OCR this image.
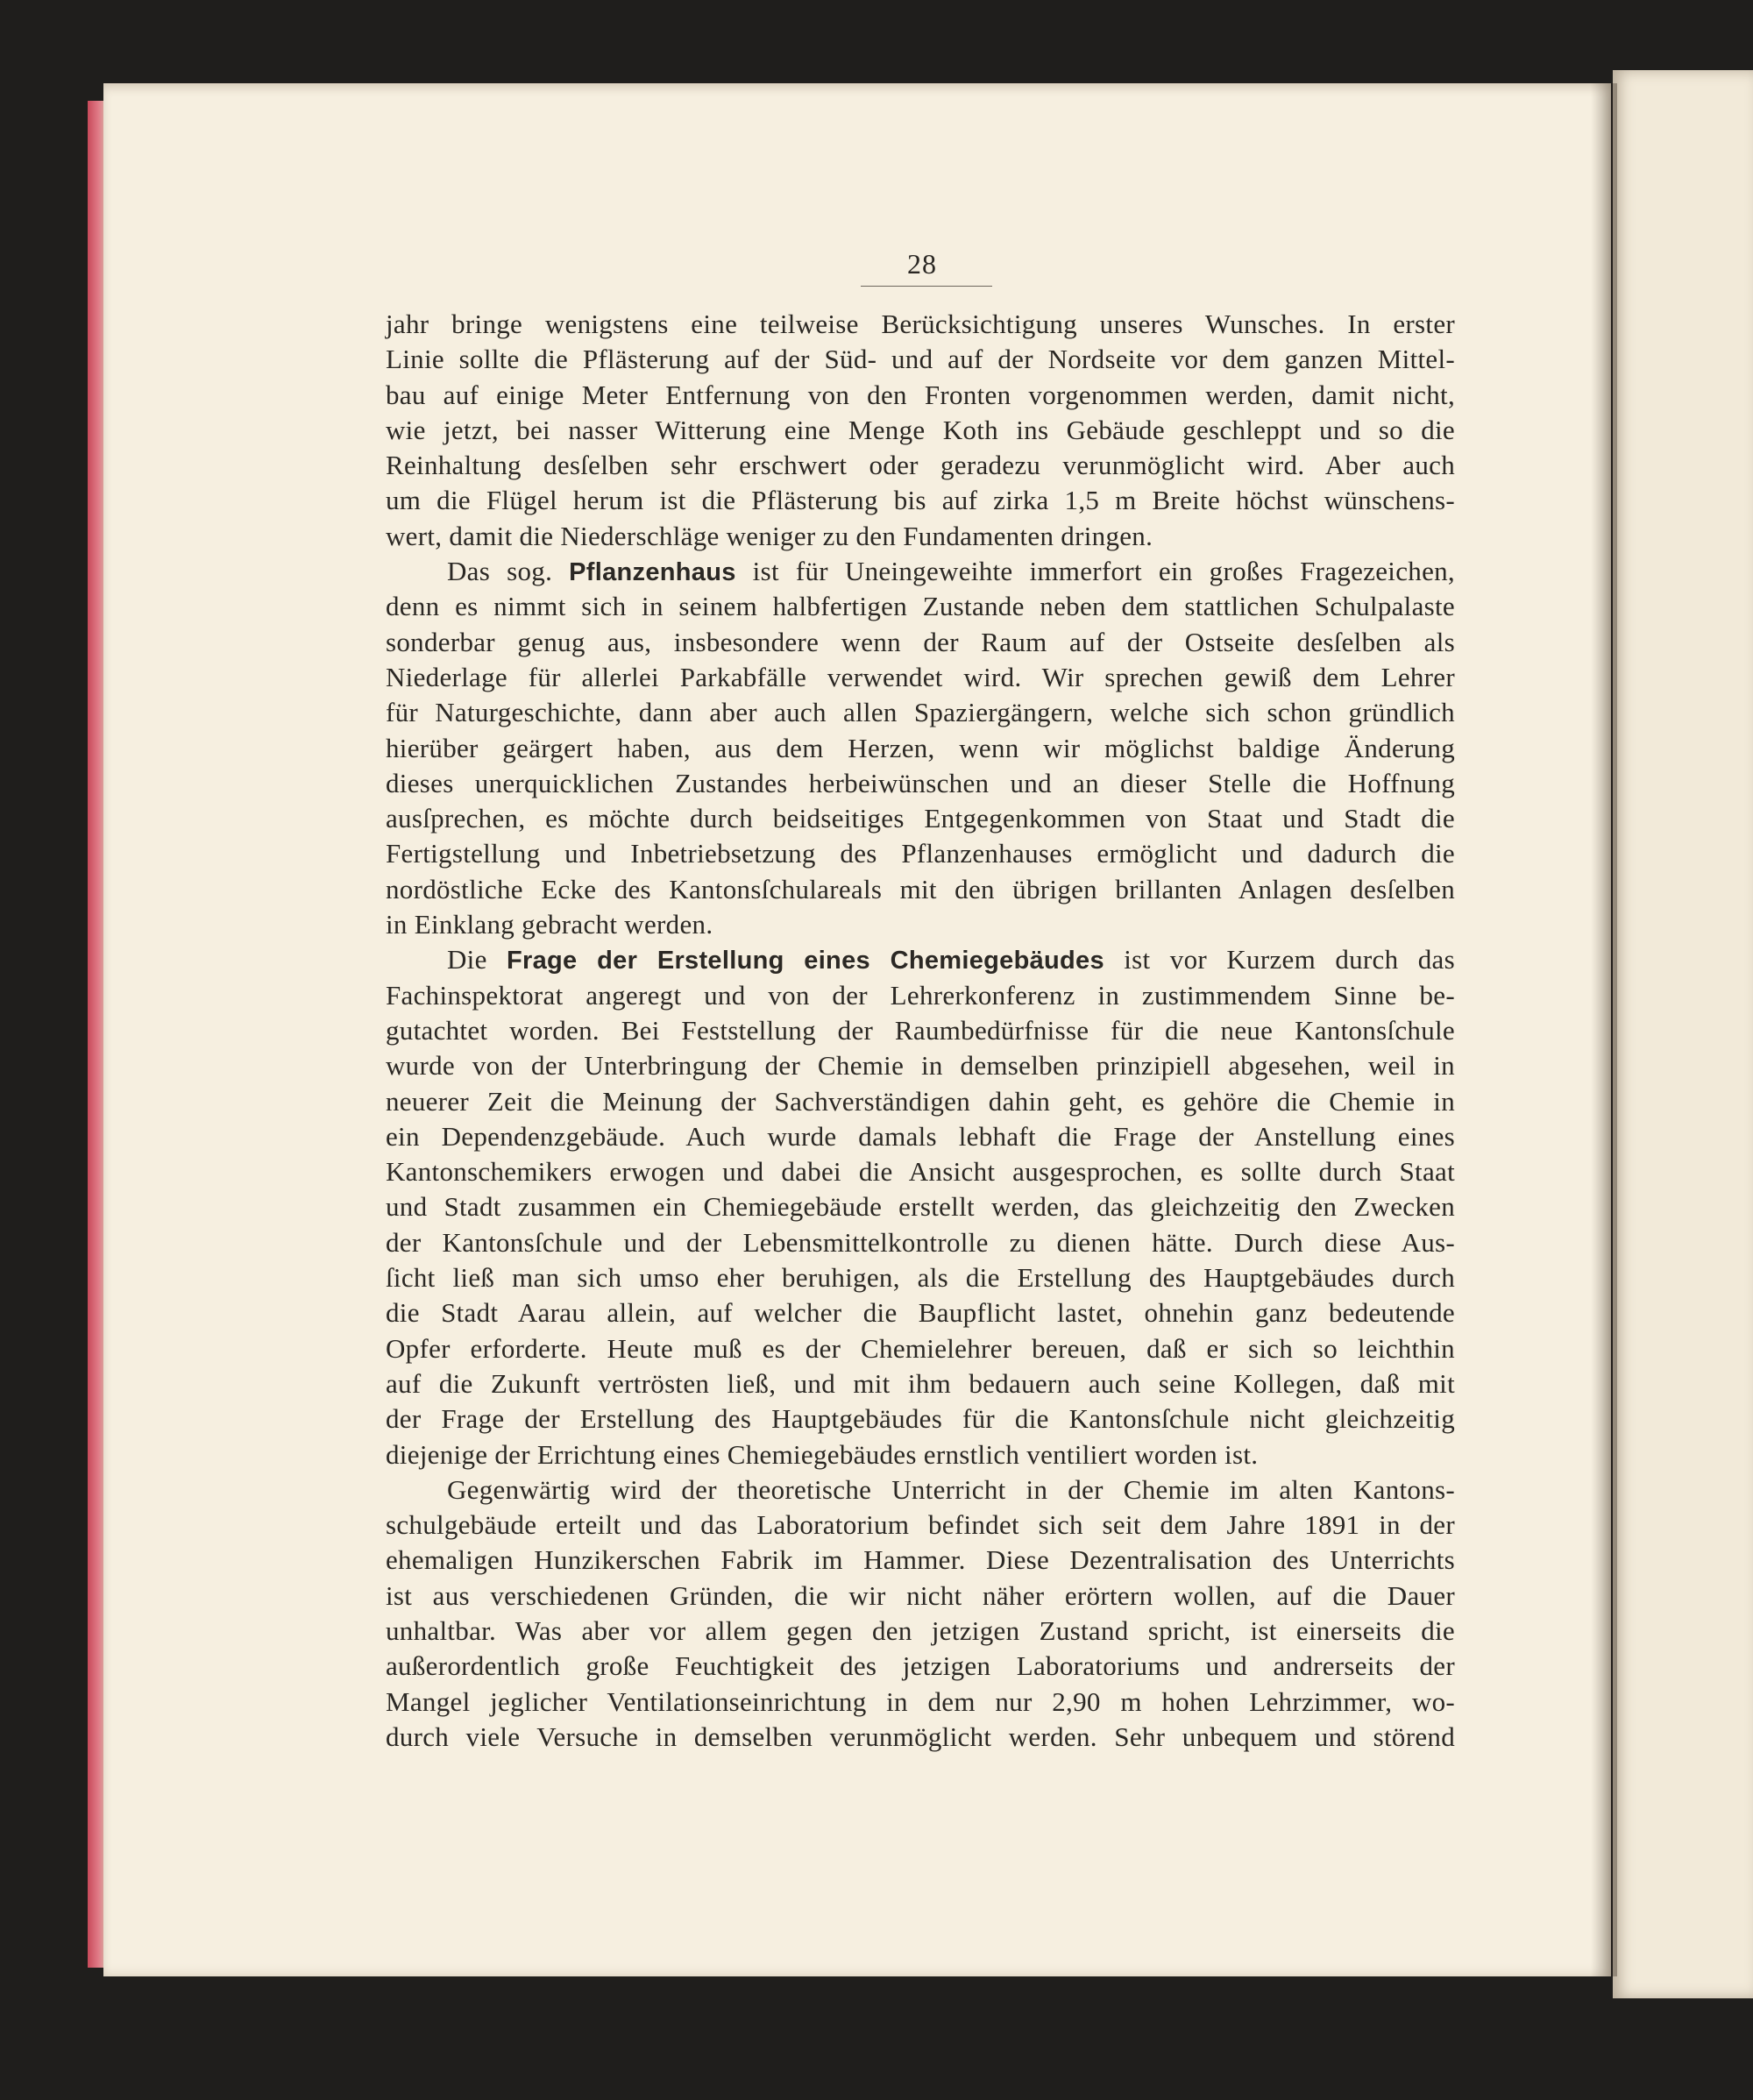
28
jahr bringe wenigstens eine teilweise Berücksichtigung unseres Wunsches. In erster
Linie sollte die Pflästerung auf der Süd- und auf der Nordseite vor dem ganzen Mittel-
bau auf einige Meter Entfernung von den Fronten vorgenommen werden, damit nicht,
wie jetzt, bei nasser Witterung eine Menge Koth ins Gebäude geschleppt und so die
Reinhaltung desſelben sehr erschwert oder geradezu verunmöglicht wird. Aber auch
um die Flügel herum ist die Pflästerung bis auf zirka 1,5 m Breite höchst wünschens-
wert, damit die Niederschläge weniger zu den Fundamenten dringen.
Das sog. Pflanzenhaus ist für Uneingeweihte immerfort ein großes Fragezeichen,
denn es nimmt sich in seinem halbfertigen Zustande neben dem stattlichen Schulpalaste
sonderbar genug aus, insbesondere wenn der Raum auf der Ostseite desſelben als
Niederlage für allerlei Parkabfälle verwendet wird. Wir sprechen gewiß dem Lehrer
für Naturgeschichte, dann aber auch allen Spaziergängern, welche sich schon gründlich
hierüber geärgert haben, aus dem Herzen, wenn wir möglichst baldige Änderung
dieses unerquicklichen Zustandes herbeiwünschen und an dieser Stelle die Hoffnung
ausſprechen, es möchte durch beidseitiges Entgegenkommen von Staat und Stadt die
Fertigstellung und Inbetriebsetzung des Pflanzenhauses ermöglicht und dadurch die
nordöstliche Ecke des Kantonsſchulareals mit den übrigen brillanten Anlagen desſelben
in Einklang gebracht werden.
Die Frage der Erstellung eines Chemiegebäudes ist vor Kurzem durch das
Fachinspektorat angeregt und von der Lehrerkonferenz in zustimmendem Sinne be-
gutachtet worden. Bei Feststellung der Raumbedürfnisse für die neue Kantonsſchule
wurde von der Unterbringung der Chemie in demselben prinzipiell abgesehen, weil in
neuerer Zeit die Meinung der Sachverständigen dahin geht, es gehöre die Chemie in
ein Dependenzgebäude. Auch wurde damals lebhaft die Frage der Anstellung eines
Kantonschemikers erwogen und dabei die Ansicht ausgesprochen, es sollte durch Staat
und Stadt zusammen ein Chemiegebäude erstellt werden, das gleichzeitig den Zwecken
der Kantonsſchule und der Lebensmittelkontrolle zu dienen hätte. Durch diese Aus-
ſicht ließ man sich umso eher beruhigen, als die Erstellung des Hauptgebäudes durch
die Stadt Aarau allein, auf welcher die Baupflicht lastet, ohnehin ganz bedeutende
Opfer erforderte. Heute muß es der Chemielehrer bereuen, daß er sich so leichthin
auf die Zukunft vertrösten ließ, und mit ihm bedauern auch seine Kollegen, daß mit
der Frage der Erstellung des Hauptgebäudes für die Kantonsſchule nicht gleichzeitig
diejenige der Errichtung eines Chemiegebäudes ernstlich ventiliert worden ist.
Gegenwärtig wird der theoretische Unterricht in der Chemie im alten Kantons-
schulgebäude erteilt und das Laboratorium befindet sich seit dem Jahre 1891 in der
ehemaligen Hunzikerschen Fabrik im Hammer. Diese Dezentralisation des Unterrichts
ist aus verschiedenen Gründen, die wir nicht näher erörtern wollen, auf die Dauer
unhaltbar. Was aber vor allem gegen den jetzigen Zustand spricht, ist einerseits die
außerordentlich große Feuchtigkeit des jetzigen Laboratoriums und andrerseits der
Mangel jeglicher Ventilationseinrichtung in dem nur 2,90 m hohen Lehrzimmer, wo-
durch viele Versuche in demselben verunmöglicht werden. Sehr unbequem und störend
